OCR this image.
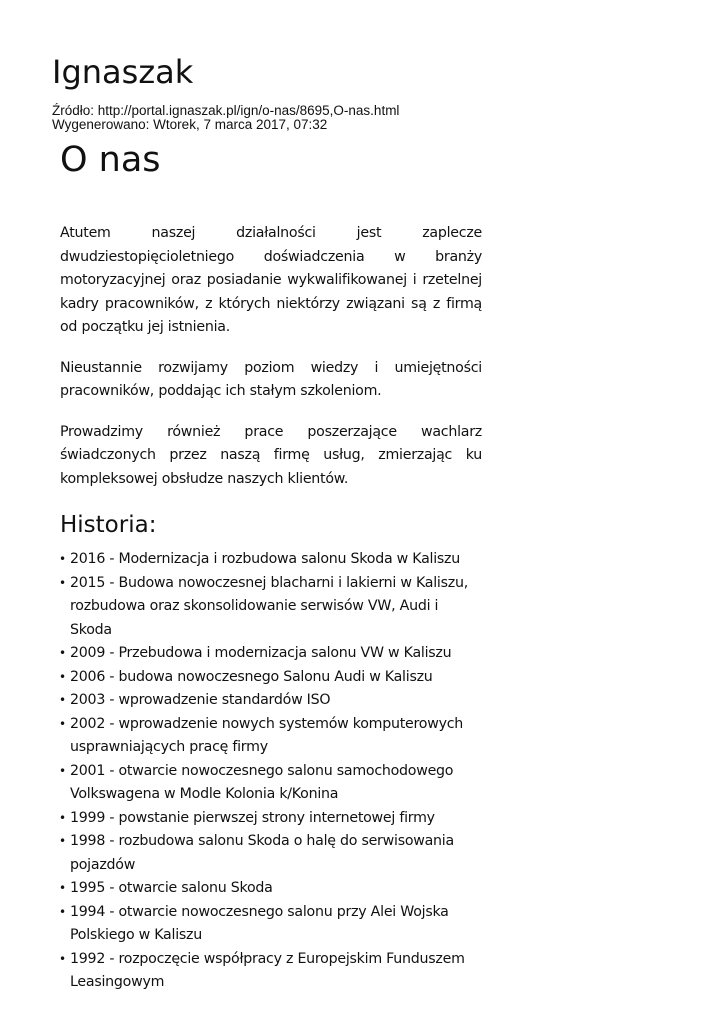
Ignaszak
Źródło: http://portal.ignaszak.pl/ign/o-nas/8695,O-nas.html
Wygenerowano: Wtorek, 7 marca 2017, 07:32
O nas

Atutem naszej działalności jest zaplecze dwudziestopięcioletniego doświadczenia w branży motoryzacyjnej oraz posiadanie wykwalifikowanej i rzetelnej kadry pracowników, z których niektórzy związani są z firmą od początku jej istnienia.

Nieustannie rozwijamy poziom wiedzy i umiejętności pracowników, poddając ich stałym szkoleniom.

Prowadzimy również prace poszerzające wachlarz świadczonych przez naszą firmę usług, zmierzając ku kompleksowej obsłudze naszych klientów.

Historia:
• 2016 - Modernizacja i rozbudowa salonu Skoda w Kaliszu
• 2015 - Budowa nowoczesnej blacharni i lakierni w Kaliszu, rozbudowa oraz skonsolidowanie serwisów VW, Audi i Skoda
• 2009 - Przebudowa i modernizacja salonu VW w Kaliszu
• 2006 - budowa nowoczesnego Salonu Audi w Kaliszu
• 2003 - wprowadzenie standardów ISO
• 2002 - wprowadzenie nowych systemów komputerowych usprawniających pracę firmy
• 2001 - otwarcie nowoczesnego salonu samochodowego Volkswagena w Modle Kolonia k/Konina
• 1999 - powstanie pierwszej strony internetowej firmy
• 1998 - rozbudowa salonu Skoda o halę do serwisowania pojazdów
• 1995 - otwarcie salonu Skoda
• 1994 - otwarcie nowoczesnego salonu przy Alei Wojska Polskiego w Kaliszu
• 1992 - rozpoczęcie współpracy z Europejskim Funduszem Leasingowym
